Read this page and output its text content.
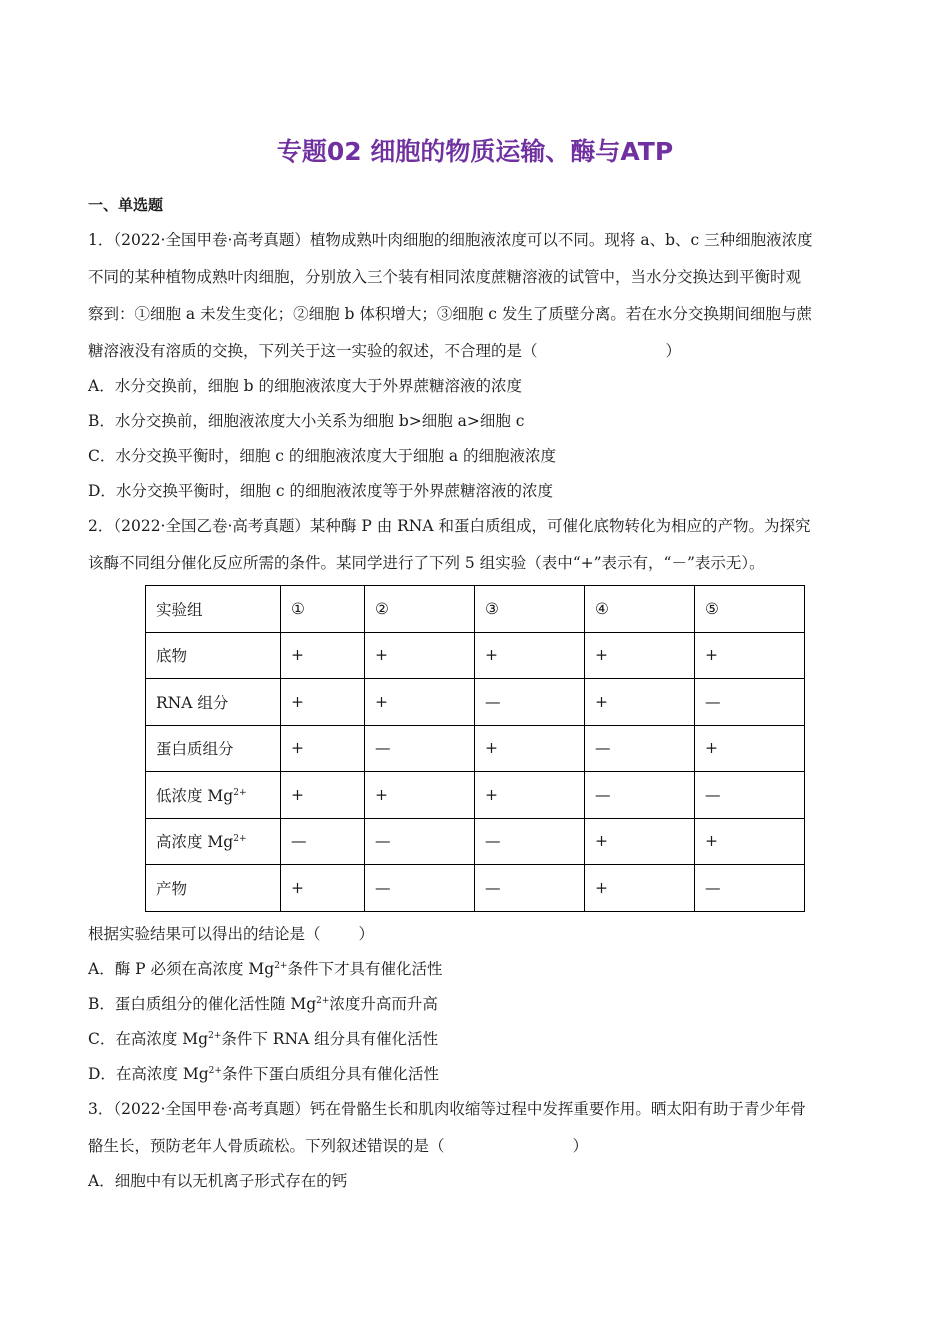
专题02 细胞的物质运输、酶与ATP
一、单选题
1．（2022·全国甲卷·高考真题）植物成熟叶肉细胞的细胞液浓度可以不同。现将 a、b、c 三种细胞液浓度
不同的某种植物成熟叶肉细胞，分别放入三个装有相同浓度蔗糖溶液的试管中，当水分交换达到平衡时观
察到：①细胞 a 未发生变化；②细胞 b 体积增大；③细胞 c 发生了质壁分离。若在水分交换期间细胞与蔗
糖溶液没有溶质的交换，下列关于这一实验的叙述，不合理的是（	）
A．水分交换前，细胞 b 的细胞液浓度大于外界蔗糖溶液的浓度
B．水分交换前，细胞液浓度大小关系为细胞 b>细胞 a>细胞 c
C．水分交换平衡时，细胞 c 的细胞液浓度大于细胞 a 的细胞液浓度
D．水分交换平衡时，细胞 c 的细胞液浓度等于外界蔗糖溶液的浓度
2．（2022·全国乙卷·高考真题）某种酶 P 由 RNA 和蛋白质组成，可催化底物转化为相应的产物。为探究
该酶不同组分催化反应所需的条件。某同学进行了下列 5 组实验（表中“+”表示有，“－”表示无）。
实验组	①	②	③	④	⑤
底物	+	+	+	+	+
RNA 组分	+	+	—	+	—
蛋白质组分	+	—	+	—	+
低浓度 $Mg^{2+}$	+	+	+	—	—
高浓度 $Mg^{2+}$	—	—	—	+	+
产物	+	—	—	+	—
根据实验结果可以得出的结论是（ ）
A．酶 P 必须在高浓度 $Mg^{2+}$条件下才具有催化活性
B．蛋白质组分的催化活性随 $Mg^{2+}$浓度升高而升高
C．在高浓度 $Mg^{2+}$条件下 RNA 组分具有催化活性
D．在高浓度 $Mg^{2+}$条件下蛋白质组分具有催化活性
3．（2022·全国甲卷·高考真题）钙在骨骼生长和肌肉收缩等过程中发挥重要作用。晒太阳有助于青少年骨
骼生长，预防老年人骨质疏松。下列叙述错误的是（	）
A．细胞中有以无机离子形式存在的钙
